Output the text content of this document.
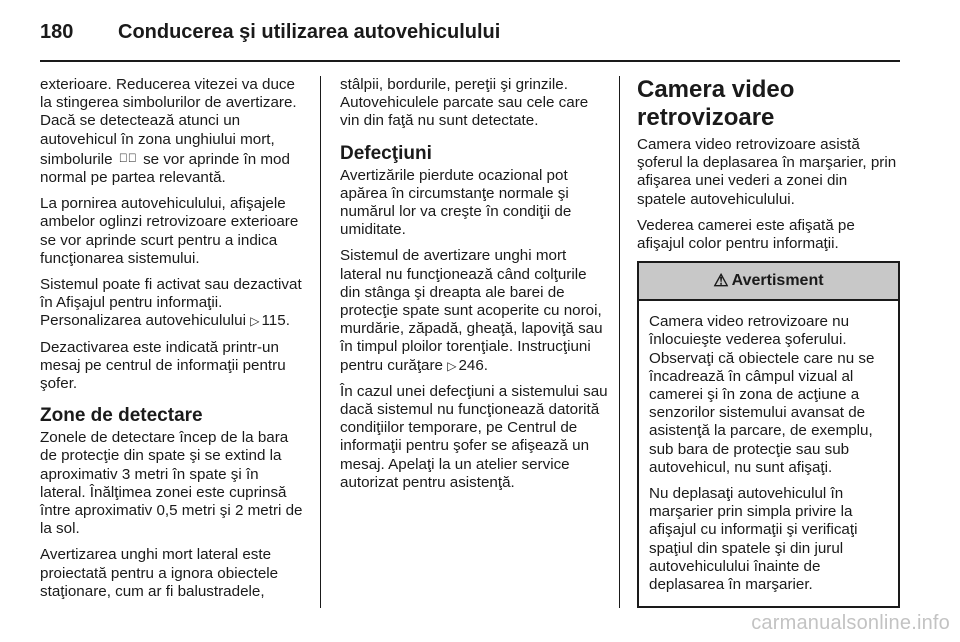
180	Conducerea şi utilizarea autovehiculului

exterioare. Reducerea vitezei va duce la stingerea simbolurilor de avertizare. Dacă se detectează atunci un autovehicul în zona unghiului mort, simbolurile ◿⃝ se vor aprinde în mod normal pe partea relevantă.

La pornirea autovehiculului, afişajele ambelor oglinzi retrovizoare exterioare se vor aprinde scurt pentru a indica funcţionarea sistemului.

Sistemul poate fi activat sau dezactivat în Afişajul pentru informaţii. Personalizarea autovehiculului ▷ 115.

Dezactivarea este indicată printr-un mesaj pe centrul de informaţii pentru şofer.

Zone de detectare

Zonele de detectare încep de la bara de protecţie din spate şi se extind la aproximativ 3 metri în spate şi în lateral. Înălţimea zonei este cuprinsă între aproximativ 0,5 metri şi 2 metri de la sol.

Avertizarea unghi mort lateral este proiectată pentru a ignora obiectele staţionare, cum ar fi balustradele,

stâlpii, bordurile, pereţii şi grinzile. Autovehiculele parcate sau cele care vin din faţă nu sunt detectate.

Defecţiuni

Avertizările pierdute ocazional pot apărea în circumstanţe normale şi numărul lor va creşte în condiţii de umiditate.

Sistemul de avertizare unghi mort lateral nu funcţionează când colţurile din stânga şi dreapta ale barei de protecţie spate sunt acoperite cu noroi, murdărie, zăpadă, gheaţă, lapoviţă sau în timpul ploilor torenţiale. Instrucţiuni pentru curăţare ▷ 246.

În cazul unei defecţiuni a sistemului sau dacă sistemul nu funcţionează datorită condiţiilor temporare, pe Centrul de informaţii pentru şofer se afişează un mesaj. Apelaţi la un atelier service autorizat pentru asistenţă.

Camera video retrovizoare

Camera video retrovizoare asistă şoferul la deplasarea în marşarier, prin afişarea unei vederi a zonei din spatele autovehiculului.

Vederea camerei este afişată pe afişajul color pentru informaţii.

⚠ Avertisment

Camera video retrovizoare nu înlocuieşte vederea şoferului. Observaţi că obiectele care nu se încadrează în câmpul vizual al camerei şi în zona de acţiune a senzorilor sistemului avansat de asistenţă la parcare, de exemplu, sub bara de protecţie sau sub autovehicul, nu sunt afişaţi.

Nu deplasaţi autovehiculul în marşarier prin simpla privire la afişajul cu informaţii şi verificaţi spaţiul din spatele şi din jurul autovehiculului înainte de deplasarea în marşarier.

carmanualsonline.info
